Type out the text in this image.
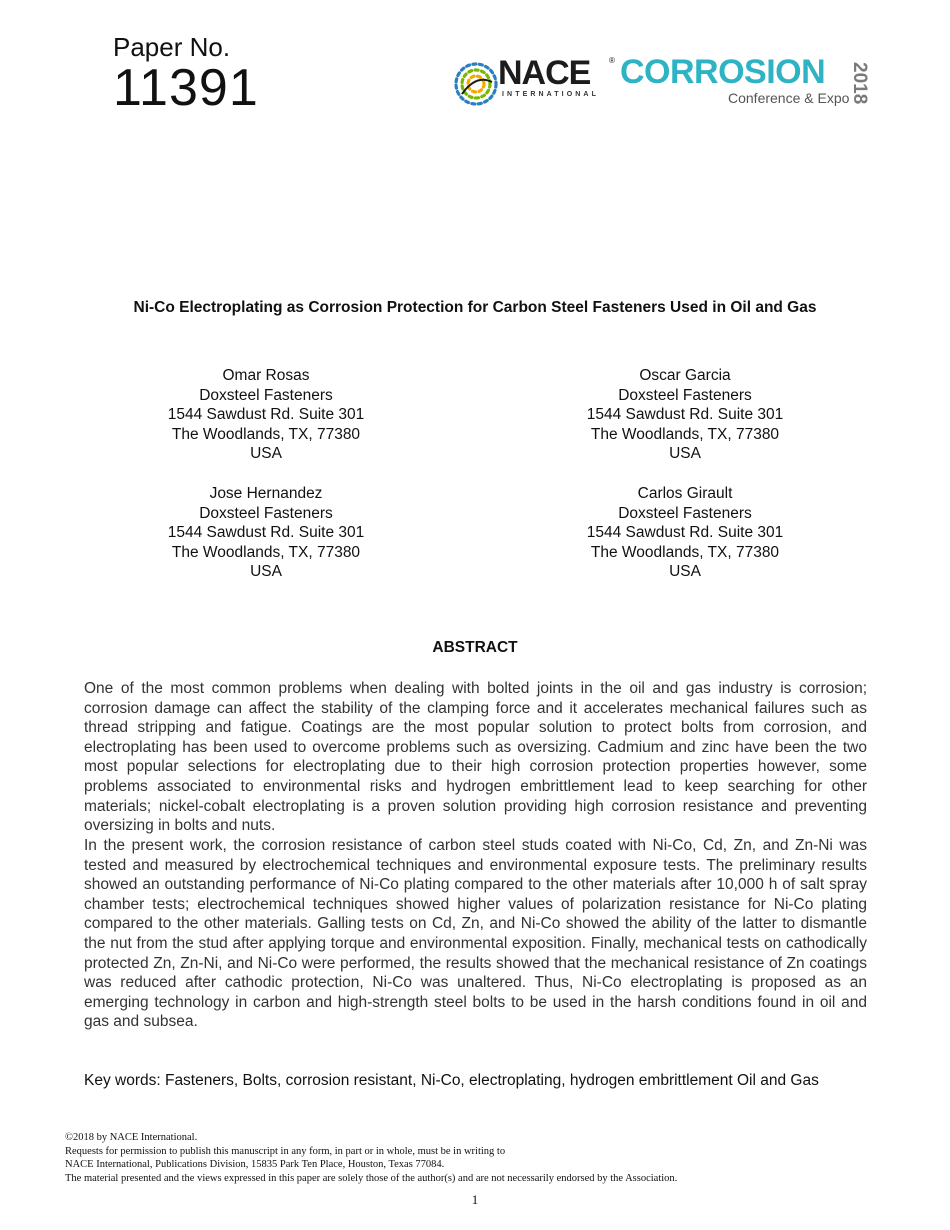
Paper No.
11391	NACE ®
INTERNATIONAL
CORROSION
Conference & Expo 2018
Ni-Co Electroplating as Corrosion Protection for Carbon Steel Fasteners Used in Oil and Gas
Omar Rosas
Doxsteel Fasteners
1544 Sawdust Rd. Suite 301
The Woodlands, TX, 77380
USA
Oscar Garcia
Doxsteel Fasteners
1544 Sawdust Rd. Suite 301
The Woodlands, TX, 77380
USA
Jose Hernandez
Doxsteel Fasteners
1544 Sawdust Rd. Suite 301
The Woodlands, TX, 77380
USA
Carlos Girault
Doxsteel Fasteners
1544 Sawdust Rd. Suite 301
The Woodlands, TX, 77380
USA
ABSTRACT
One of the most common problems when dealing with bolted joints in the oil and gas industry is corrosion; corrosion damage can affect the stability of the clamping force and it accelerates mechanical failures such as thread stripping and fatigue. Coatings are the most popular solution to protect bolts from corrosion, and electroplating has been used to overcome problems such as oversizing. Cadmium and zinc have been the two most popular selections for electroplating due to their high corrosion protection properties however, some problems associated to environmental risks and hydrogen embrittlement lead to keep searching for other materials; nickel-cobalt electroplating is a proven solution providing high corrosion resistance and preventing oversizing in bolts and nuts.
In the present work, the corrosion resistance of carbon steel studs coated with Ni-Co, Cd, Zn, and Zn-Ni was tested and measured by electrochemical techniques and environmental exposure tests. The preliminary results showed an outstanding performance of Ni-Co plating compared to the other materials after 10,000 h of salt spray chamber tests; electrochemical techniques showed higher values of polarization resistance for Ni-Co plating compared to the other materials. Galling tests on Cd, Zn, and Ni-Co showed the ability of the latter to dismantle the nut from the stud after applying torque and environmental exposition. Finally, mechanical tests on cathodically protected Zn, Zn-Ni, and Ni-Co were performed, the results showed that the mechanical resistance of Zn coatings was reduced after cathodic protection, Ni-Co was unaltered. Thus, Ni-Co electroplating is proposed as an emerging technology in carbon and high-strength steel bolts to be used in the harsh conditions found in oil and gas and subsea.
Key words: Fasteners, Bolts, corrosion resistant, Ni-Co, electroplating, hydrogen embrittlement Oil and Gas
©2018 by NACE International.
Requests for permission to publish this manuscript in any form, in part or in whole, must be in writing to
NACE International, Publications Division, 15835 Park Ten Place, Houston, Texas 77084.
The material presented and the views expressed in this paper are solely those of the author(s) and are not necessarily endorsed by the Association.
1
